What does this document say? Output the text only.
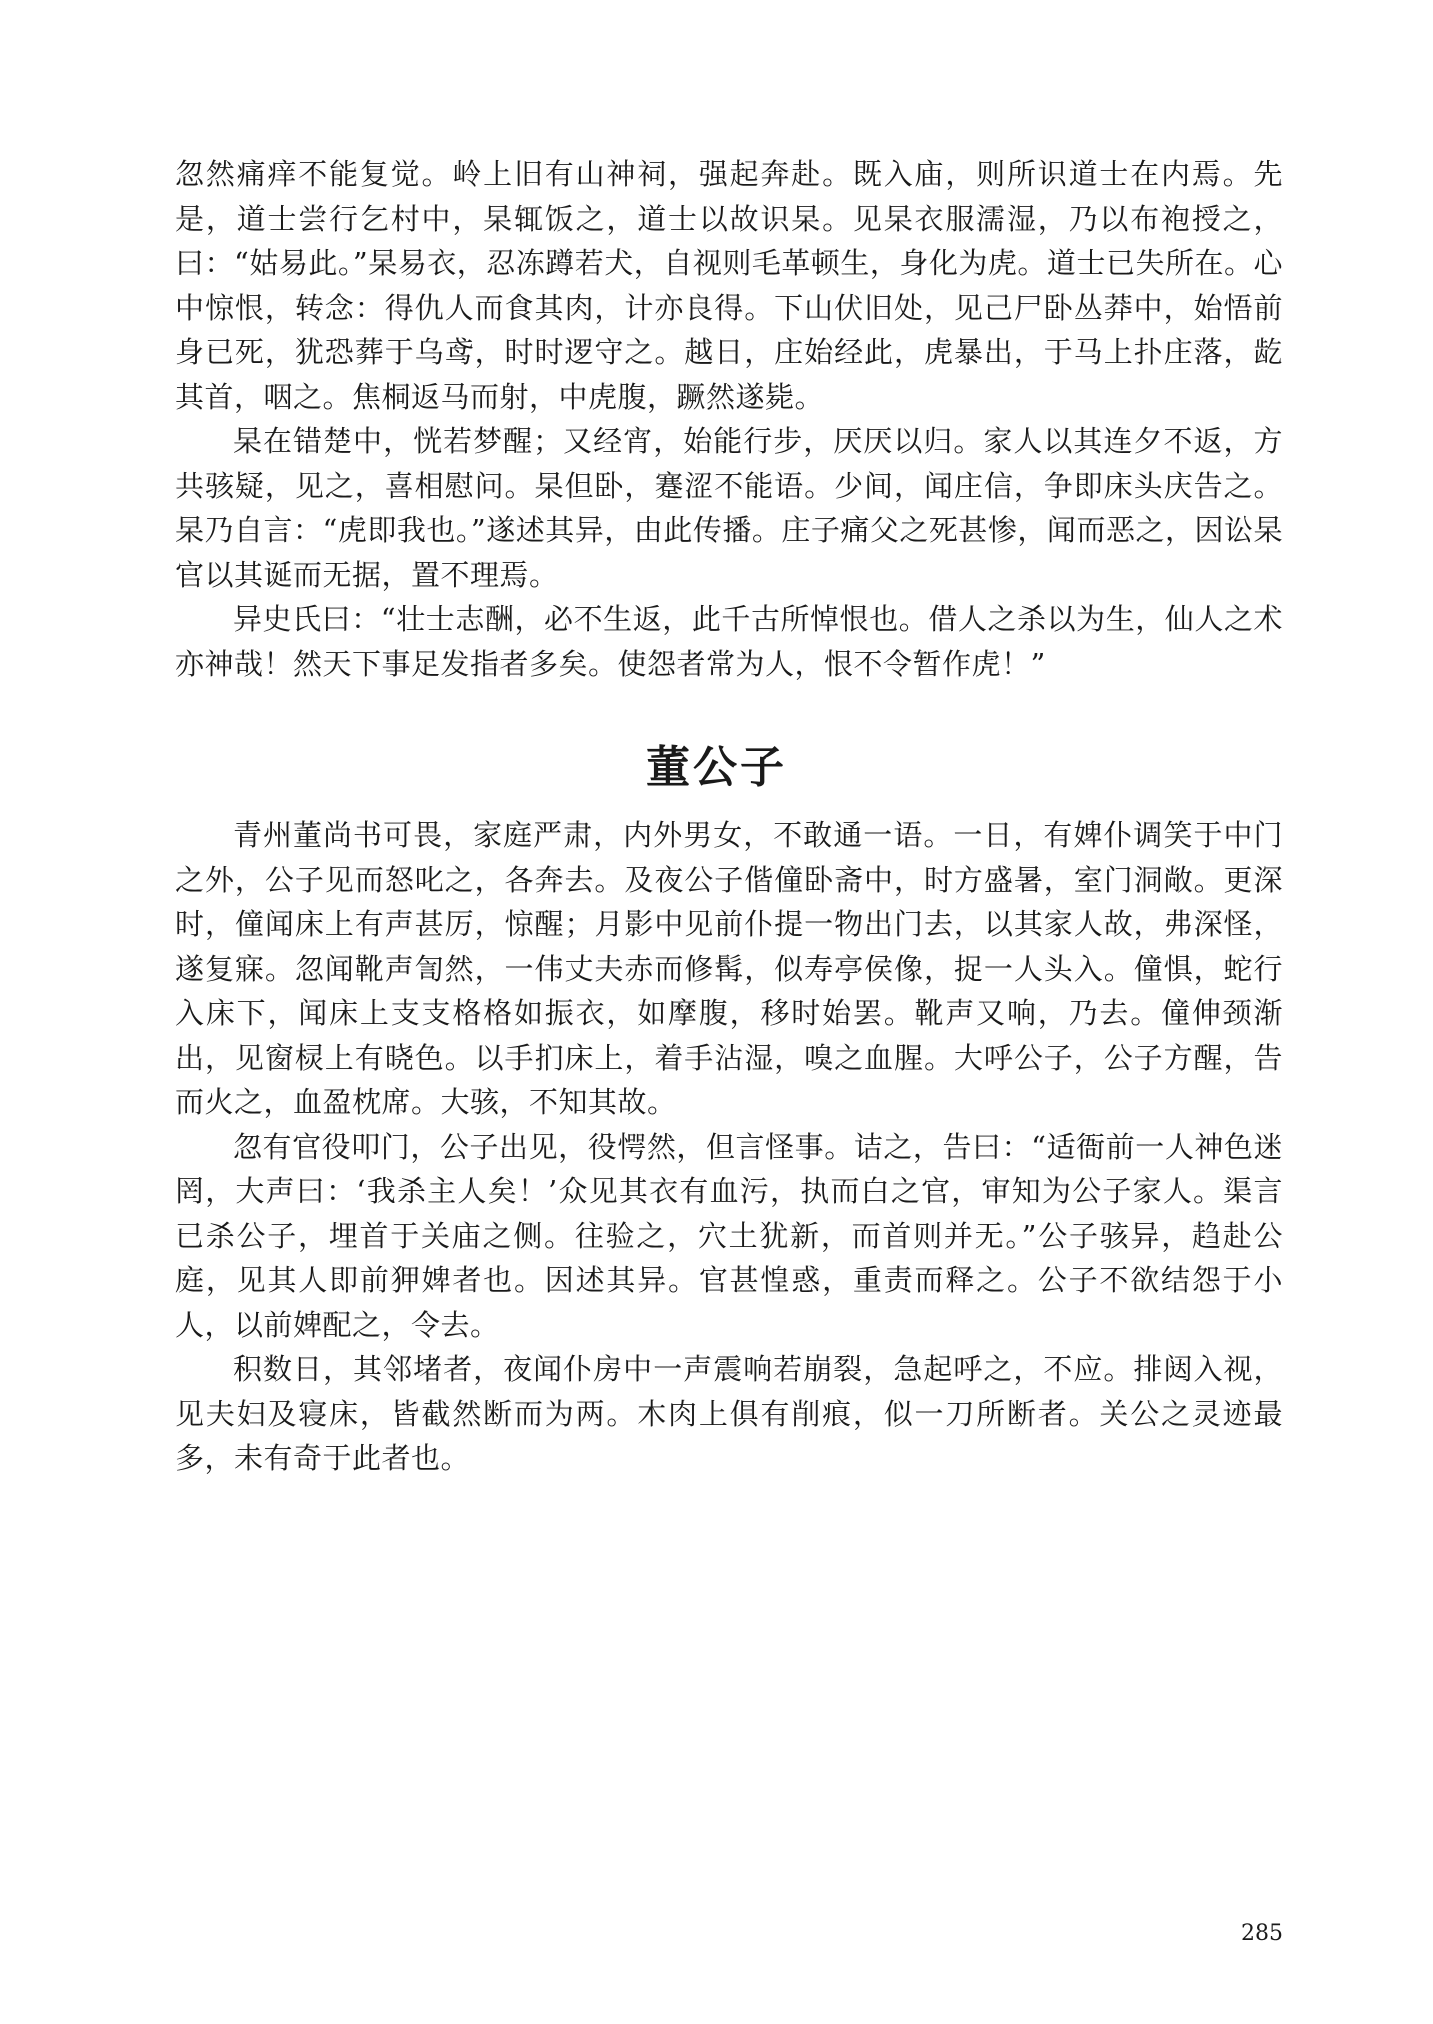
忽然痛痒不能复觉。岭上旧有山神祠，强起奔赴。既入庙，则所识道士在内焉。先是，道士尝行乞村中，杲辄饭之，道士以故识杲。见杲衣服濡湿，乃以布袍授之，曰：“姑易此。”杲易衣，忍冻蹲若犬，自视则毛革顿生，身化为虎。道士已失所在。心中惊恨，转念：得仇人而食其肉，计亦良得。下山伏旧处，见己尸卧丛莽中，始悟前身已死，犹恐葬于乌鸢，时时逻守之。越日，庄始经此，虎暴出，于马上扑庄落，龁其首，咽之。焦桐返马而射，中虎腹，蹶然遂毙。

杲在错楚中，恍若梦醒；又经宵，始能行步，厌厌以归。家人以其连夕不返，方共骇疑，见之，喜相慰问。杲但卧，蹇涩不能语。少间，闻庄信，争即床头庆告之。杲乃自言：“虎即我也。”遂述其异，由此传播。庄子痛父之死甚惨，闻而恶之，因讼杲官以其诞而无据，置不理焉。

异史氏曰：“壮士志酬，必不生返，此千古所悼恨也。借人之杀以为生，仙人之术亦神哉！然天下事足发指者多矣。使怨者常为人，恨不令暂作虎！”

董公子

青州董尚书可畏，家庭严肃，内外男女，不敢通一语。一日，有婢仆调笑于中门之外，公子见而怒叱之，各奔去。及夜公子偕僮卧斋中，时方盛暑，室门洞敞。更深时，僮闻床上有声甚厉，惊醒；月影中见前仆提一物出门去，以其家人故，弗深怪，遂复寐。忽闻靴声訇然，一伟丈夫赤而修髯，似寿亭侯像，捉一人头入。僮惧，蛇行入床下，闻床上支支格格如振衣，如摩腹，移时始罢。靴声又响，乃去。僮伸颈渐出，见窗棂上有晓色。以手扪床上，着手沾湿，嗅之血腥。大呼公子，公子方醒，告而火之，血盈枕席。大骇，不知其故。

忽有官役叩门，公子出见，役愕然，但言怪事。诘之，告曰：“适衙前一人神色迷罔，大声曰：‘我杀主人矣！’众见其衣有血污，执而白之官，审知为公子家人。渠言已杀公子，埋首于关庙之侧。往验之，穴土犹新，而首则并无。”公子骇异，趋赴公庭，见其人即前狎婢者也。因述其异。官甚惶惑，重责而释之。公子不欲结怨于小人，以前婢配之，令去。

积数日，其邻堵者，夜闻仆房中一声震响若崩裂，急起呼之，不应。排闼入视，见夫妇及寝床，皆截然断而为两。木肉上俱有削痕，似一刀所断者。关公之灵迹最多，未有奇于此者也。

285
